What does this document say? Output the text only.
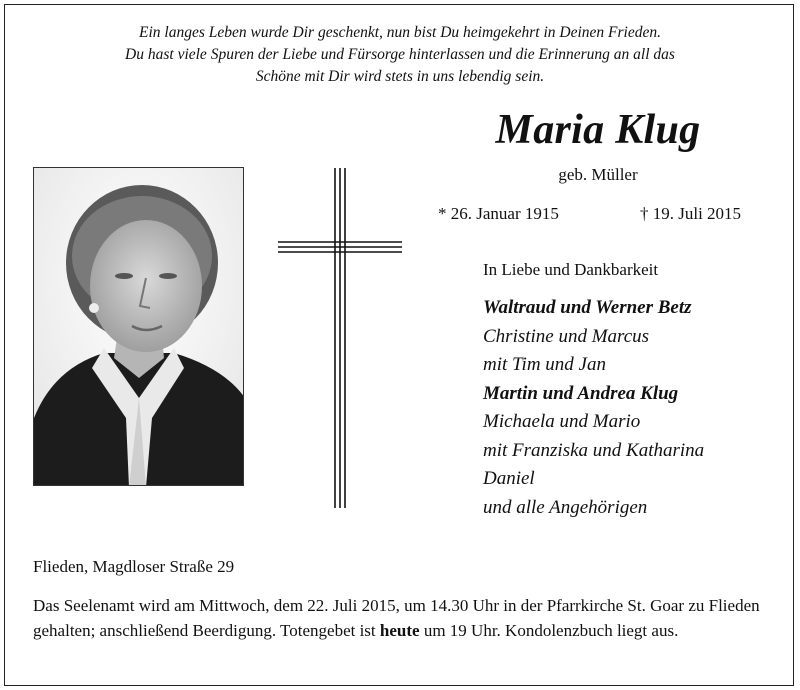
Ein langes Leben wurde Dir geschenkt, nun bist Du heimgekehrt in Deinen Frieden.
Du hast viele Spuren der Liebe und Fürsorge hinterlassen und die Erinnerung an all das
Schöne mit Dir wird stets in uns lebendig sein.
Maria Klug
geb. Müller
* 26. Januar 1915	† 19. Juli 2015
In Liebe und Dankbarkeit
Waltraud und Werner Betz
Christine und Marcus
mit Tim und Jan
Martin und Andrea Klug
Michaela und Mario
mit Franziska und Katharina
Daniel
und alle Angehörigen
Flieden, Magdloser Straße 29
Das Seelenamt wird am Mittwoch, dem 22. Juli 2015, um 14.30 Uhr in der Pfarrkirche St. Goar zu Flieden gehalten; anschließend Beerdigung. Totengebet ist heute um 19 Uhr. Kondolenzbuch liegt aus.
